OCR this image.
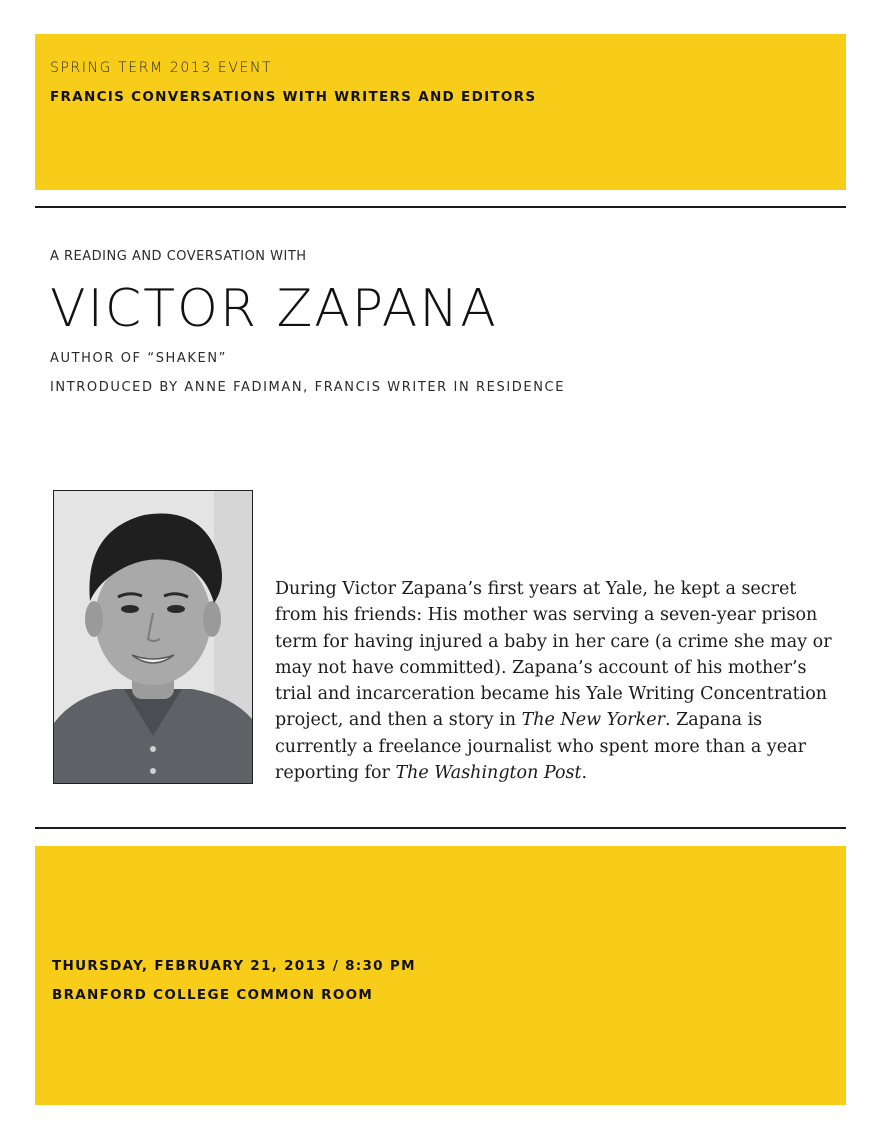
SPRING TERM 2013 EVENT
FRANCIS CONVERSATIONS WITH WRITERS AND EDITORS
A READING AND COVERSATION WITH
VICTOR ZAPANA
AUTHOR OF “SHAKEN”
INTRODUCED BY ANNE FADIMAN, FRANCIS WRITER IN RESIDENCE
During Victor Zapana’s first years at Yale, he kept a secret from his friends: His mother was serving a seven-year prison term for having injured a baby in her care (a crime she may or may not have committed). Zapana’s account of his mother’s trial and incarceration became his Yale Writing Concentration project, and then a story in The New Yorker. Zapana is currently a freelance journalist who spent more than a year reporting for The Washington Post.
THURSDAY, FEBRUARY 21, 2013 / 8:30 PM
BRANFORD COLLEGE COMMON ROOM
